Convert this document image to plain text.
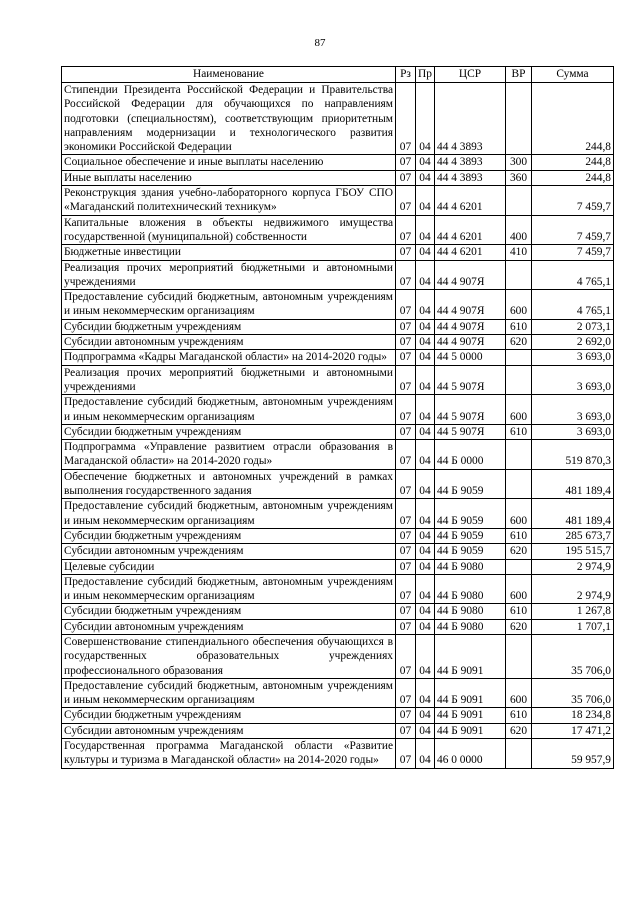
87
Наименование	Рз	Пр	ЦСР	ВР	Сумма
Стипендии Президента Российской Федерации и Правительства Российской Федерации для обучающихся по направлениям подготовки (специальностям), соответствующим приоритетным направлениям модернизации и технологического развития экономики Российской Федерации	07	04	44 4 3893		244,8
Социальное обеспечение и иные выплаты населению	07	04	44 4 3893	300	244,8
Иные выплаты населению	07	04	44 4 3893	360	244,8
Реконструкция здания учебно-лабораторного корпуса ГБОУ СПО «Магаданский политехнический техникум»	07	04	44 4 6201		7 459,7
Капитальные вложения в объекты недвижимого имущества государственной (муниципальной) собственности	07	04	44 4 6201	400	7 459,7
Бюджетные инвестиции	07	04	44 4 6201	410	7 459,7
Реализация прочих мероприятий бюджетными и автономными учреждениями	07	04	44 4 907Я		4 765,1
Предоставление субсидий бюджетным, автономным учреждениям и иным некоммерческим организациям	07	04	44 4 907Я	600	4 765,1
Субсидии бюджетным учреждениям	07	04	44 4 907Я	610	2 073,1
Субсидии автономным учреждениям	07	04	44 4 907Я	620	2 692,0
Подпрограмма «Кадры Магаданской области» на 2014-2020 годы»	07	04	44 5 0000		3 693,0
Реализация прочих мероприятий бюджетными и автономными учреждениями	07	04	44 5 907Я		3 693,0
Предоставление субсидий бюджетным, автономным учреждениям и иным некоммерческим организациям	07	04	44 5 907Я	600	3 693,0
Субсидии бюджетным учреждениям	07	04	44 5 907Я	610	3 693,0
Подпрограмма «Управление развитием отрасли образования в Магаданской области» на 2014-2020 годы»	07	04	44 Б 0000		519 870,3
Обеспечение бюджетных и автономных учреждений в рамках выполнения государственного задания	07	04	44 Б 9059		481 189,4
Предоставление субсидий бюджетным, автономным учреждениям и иным некоммерческим организациям	07	04	44 Б 9059	600	481 189,4
Субсидии бюджетным учреждениям	07	04	44 Б 9059	610	285 673,7
Субсидии автономным учреждениям	07	04	44 Б 9059	620	195 515,7
Целевые субсидии	07	04	44 Б 9080		2 974,9
Предоставление субсидий бюджетным, автономным учреждениям и иным некоммерческим организациям	07	04	44 Б 9080	600	2 974,9
Субсидии бюджетным учреждениям	07	04	44 Б 9080	610	1 267,8
Субсидии автономным учреждениям	07	04	44 Б 9080	620	1 707,1
Совершенствование стипендиального обеспечения обучающихся в государственных образовательных учреждениях профессионального образования	07	04	44 Б 9091		35 706,0
Предоставление субсидий бюджетным, автономным учреждениям и иным некоммерческим организациям	07	04	44 Б 9091	600	35 706,0
Субсидии бюджетным учреждениям	07	04	44 Б 9091	610	18 234,8
Субсидии автономным учреждениям	07	04	44 Б 9091	620	17 471,2
Государственная программа Магаданской области «Развитие культуры и туризма в Магаданской области» на 2014-2020 годы»	07	04	46 0 0000		59 957,9
